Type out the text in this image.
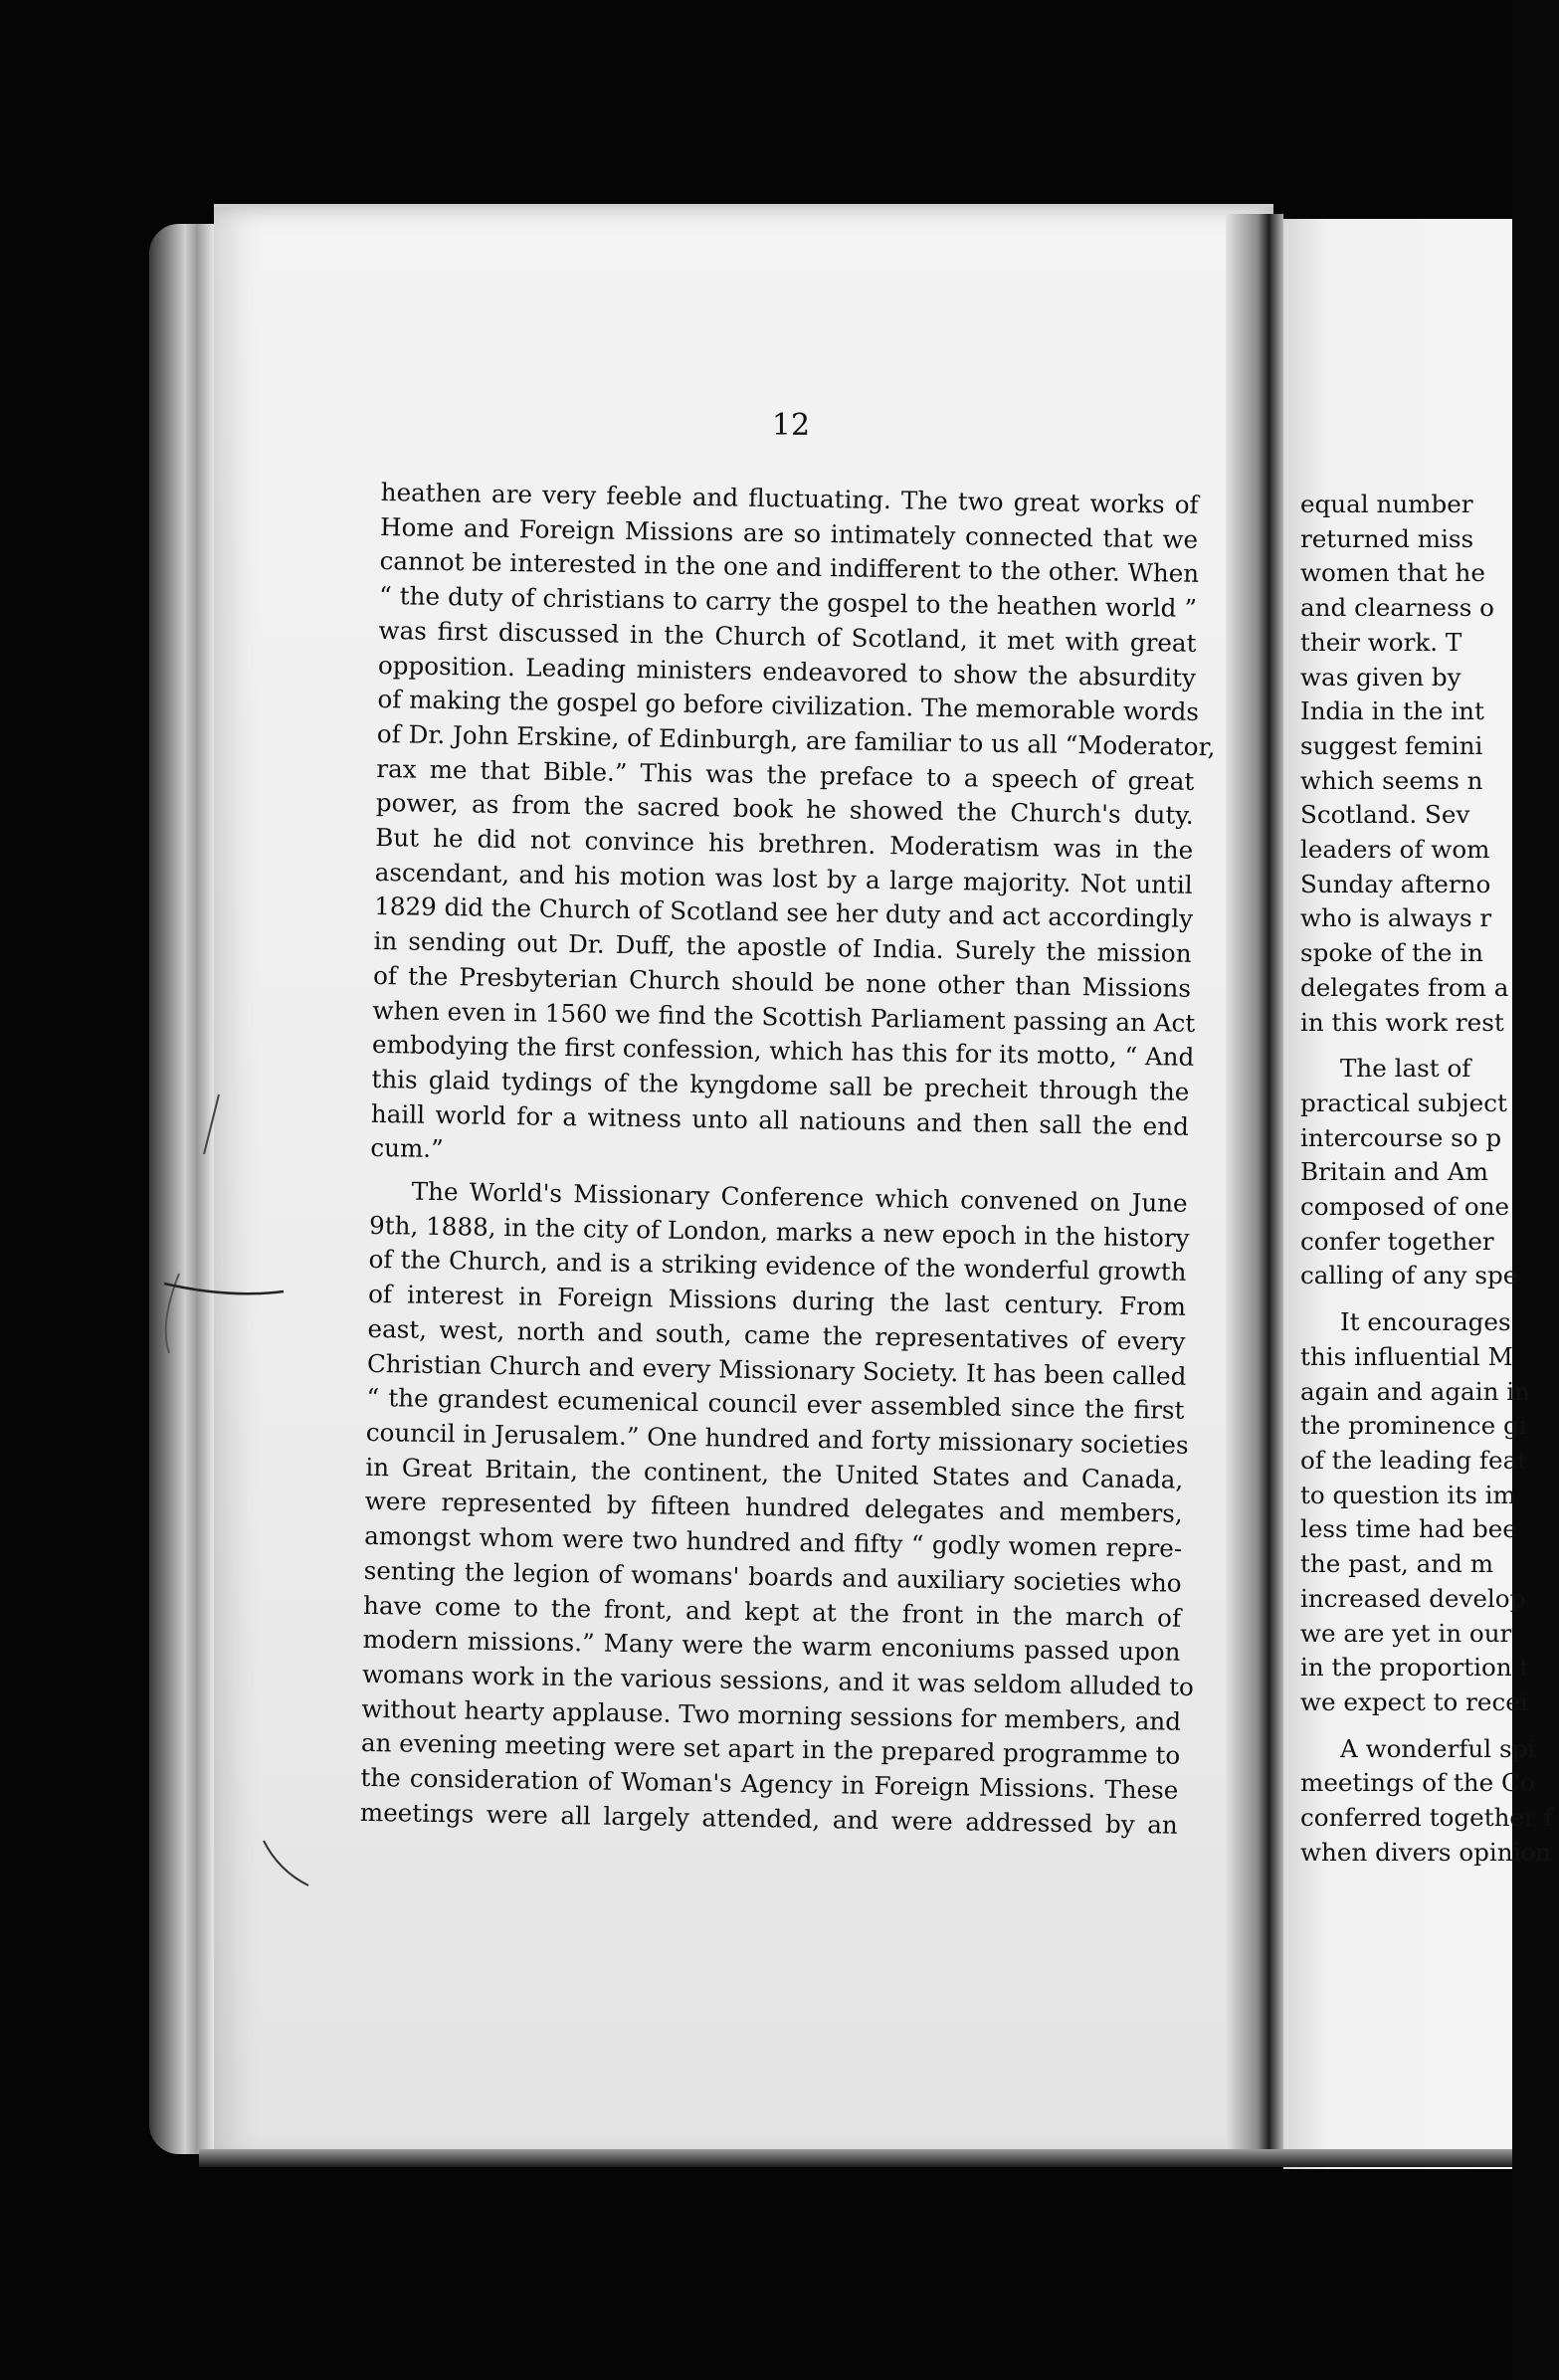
12
heathen are very feeble and fluctuating. The two great works of
Home and Foreign Missions are so intimately connected that we
cannot be interested in the one and indifferent to the other. When
“ the duty of christians to carry the gospel to the heathen world ”
was first discussed in the Church of Scotland, it met with great
opposition. Leading ministers endeavored to show the absurdity
of making the gospel go before civilization. The memorable words
of Dr. John Erskine, of Edinburgh, are familiar to us all “Moderator,
rax me that Bible.” This was the preface to a speech of great
power, as from the sacred book he showed the Church's duty.
But he did not convince his brethren. Moderatism was in the
ascendant, and his motion was lost by a large majority. Not until
1829 did the Church of Scotland see her duty and act accordingly
in sending out Dr. Duff, the apostle of India. Surely the mission
of the Presbyterian Church should be none other than Missions
when even in 1560 we find the Scottish Parliament passing an Act
embodying the first confession, which has this for its motto, “ And
this glaid tydings of the kyngdome sall be precheit through the
haill world for a witness unto all natiouns and then sall the end
cum.”
The World's Missionary Conference which convened on June
9th, 1888, in the city of London, marks a new epoch in the history
of the Church, and is a striking evidence of the wonderful growth
of interest in Foreign Missions during the last century. From
east, west, north and south, came the representatives of every
Christian Church and every Missionary Society. It has been called
“ the grandest ecumenical council ever assembled since the first
council in Jerusalem.” One hundred and forty missionary societies
in Great Britain, the continent, the United States and Canada,
were represented by fifteen hundred delegates and members,
amongst whom were two hundred and fifty “ godly women repre-
senting the legion of womans' boards and auxiliary societies who
have come to the front, and kept at the front in the march of
modern missions.” Many were the warm enconiums passed upon
womans work in the various sessions, and it was seldom alluded to
without hearty applause. Two morning sessions for members, and
an evening meeting were set apart in the prepared programme to
the consideration of Woman's Agency in Foreign Missions. These
meetings were all largely attended, and were addressed by an
equal number
returned miss
women that he
and clearness o
their work. T
was given by
India in the int
suggest femini
which seems n
Scotland. Sev
leaders of wom
Sunday afterno
who is always r
spoke of the in
delegates from a
in this work rest
The last of
practical subject
intercourse so p
Britain and Am
composed of one
confer together
calling of any spe
It encourages
this influential M
again and again in
the prominence gi
of the leading feat
to question its im
less time had bee
the past, and m
increased develop
we are yet in our
in the proportion t
we expect to recei
A wonderful spi
meetings of the Co
conferred together f
when divers opinion
